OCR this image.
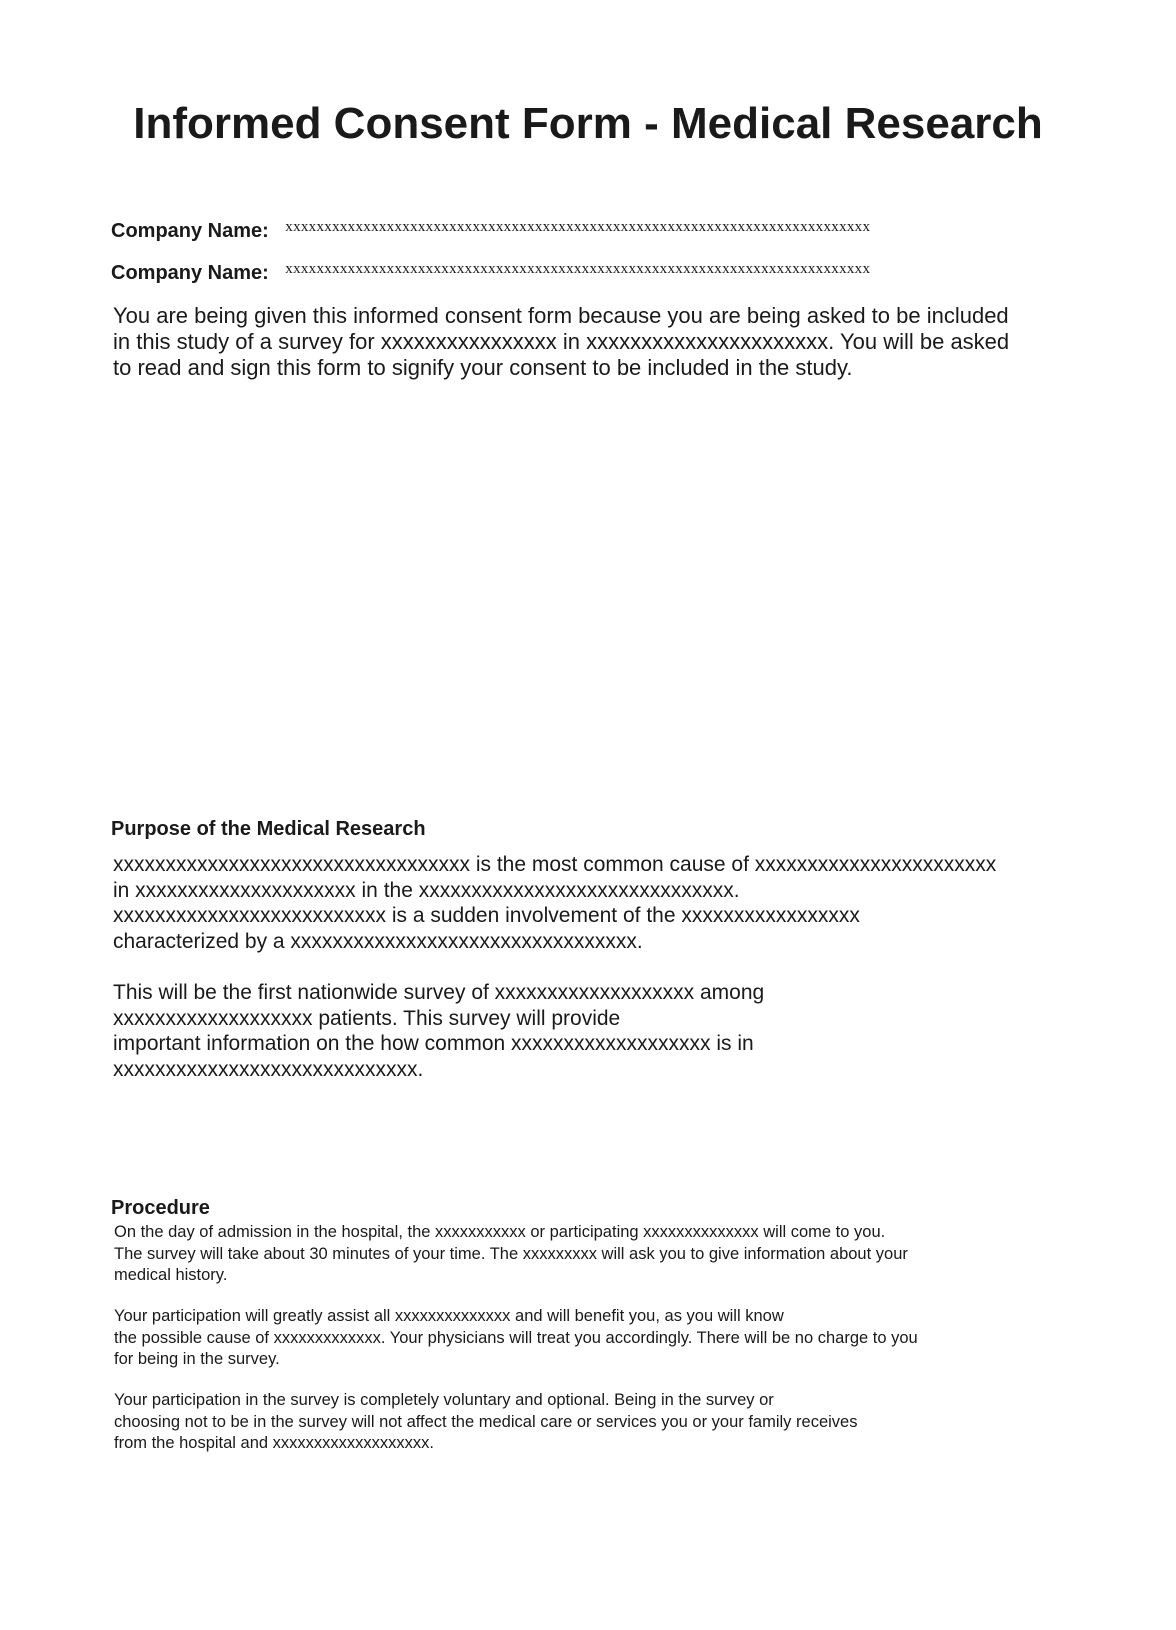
Informed Consent Form - Medical Research
Company Name: xxxxxxxxxxxxxxxxxxxxxxxxxxxxxxxxxxxxxxxxxxxxxxxxxxxxxxxxxxxxxxxxxxxxxxxxxxx
Company Name: xxxxxxxxxxxxxxxxxxxxxxxxxxxxxxxxxxxxxxxxxxxxxxxxxxxxxxxxxxxxxxxxxxxxxxxxxxx

You are being given this informed consent form because you are being asked to be included
in this study of a survey for xxxxxxxxxxxxxxxx in xxxxxxxxxxxxxxxxxxxxxx. You will be asked
to read and sign this form to signify your consent to be included in the study.

Purpose of the Medical Research

xxxxxxxxxxxxxxxxxxxxxxxxxxxxxxxxxx is the most common cause of xxxxxxxxxxxxxxxxxxxxxxx
in xxxxxxxxxxxxxxxxxxxxx in the xxxxxxxxxxxxxxxxxxxxxxxxxxxxxx.
xxxxxxxxxxxxxxxxxxxxxxxxxx is a sudden involvement of the xxxxxxxxxxxxxxxxx
characterized by a xxxxxxxxxxxxxxxxxxxxxxxxxxxxxxxxx.

This will be the first nationwide survey of xxxxxxxxxxxxxxxxxxx among
xxxxxxxxxxxxxxxxxxx patients. This survey will provide
important information on the how common xxxxxxxxxxxxxxxxxxx is in
xxxxxxxxxxxxxxxxxxxxxxxxxxxxx.

Procedure

On the day of admission in the hospital, the xxxxxxxxxxx or participating xxxxxxxxxxxxxx will come to you.
The survey will take about 30 minutes of your time. The xxxxxxxxx will ask you to give information about your
medical history.

Your participation will greatly assist all xxxxxxxxxxxxxx and will benefit you, as you will know
the possible cause of xxxxxxxxxxxxx. Your physicians will treat you accordingly. There will be no charge to you
for being in the survey.

Your participation in the survey is completely voluntary and optional. Being in the survey or
choosing not to be in the survey will not affect the medical care or services you or your family receives
from the hospital and xxxxxxxxxxxxxxxxxxx.
